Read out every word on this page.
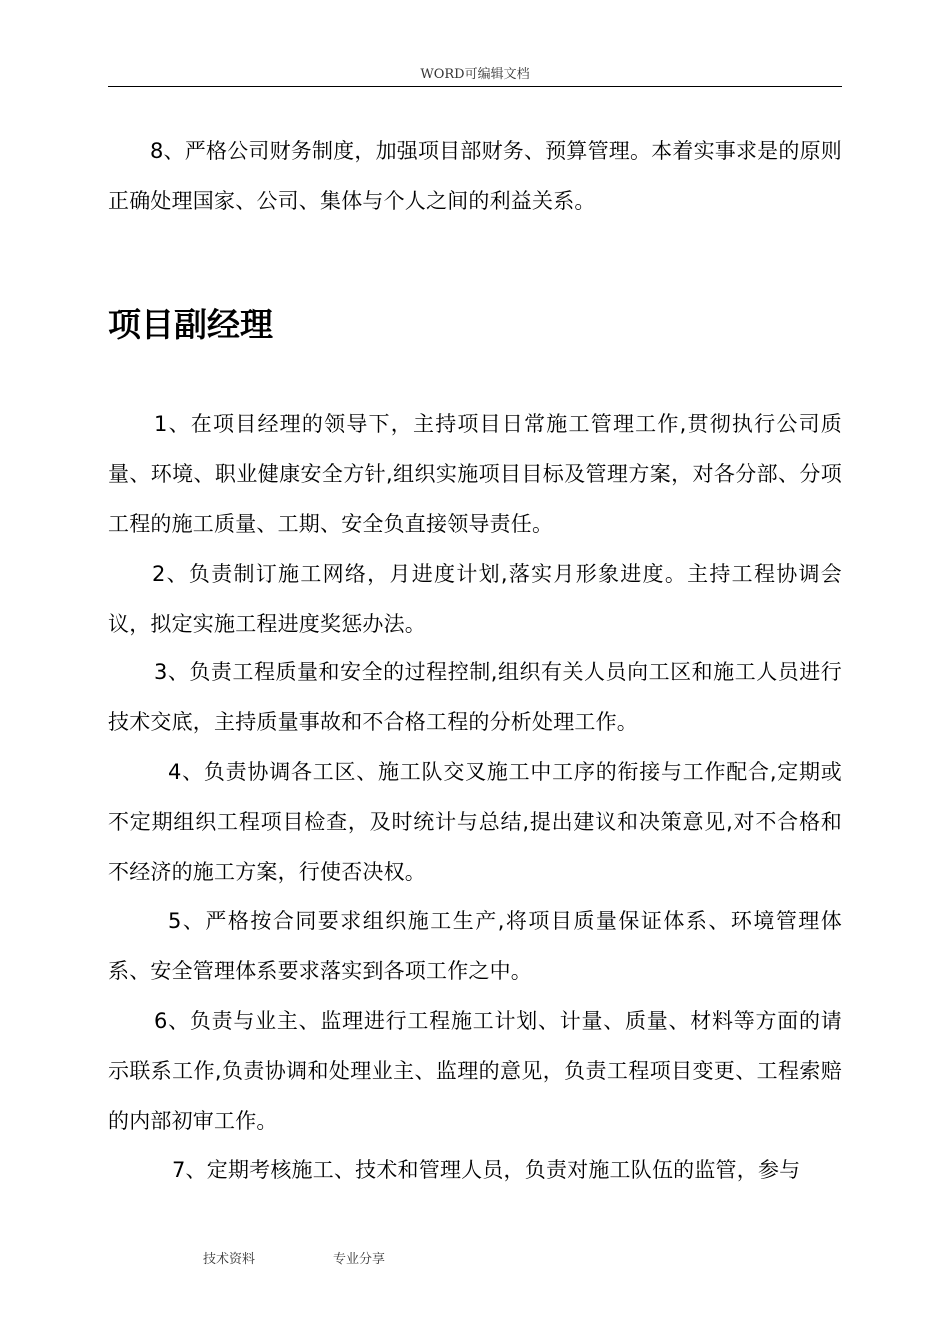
WORD可编辑文档

8、严格公司财务制度，加强项目部财务、预算管理。本着实事求是的原则正确处理国家、公司、集体与个人之间的利益关系。

项目副经理

1、在项目经理的领导下，主持项目日常施工管理工作,贯彻执行公司质量、环境、职业健康安全方针,组织实施项目目标及管理方案，对各分部、分项工程的施工质量、工期、安全负直接领导责任。

2、负责制订施工网络，月进度计划,落实月形象进度。主持工程协调会议，拟定实施工程进度奖惩办法。

3、负责工程质量和安全的过程控制,组织有关人员向工区和施工人员进行技术交底，主持质量事故和不合格工程的分析处理工作。

4、负责协调各工区、施工队交叉施工中工序的衔接与工作配合,定期或不定期组织工程项目检查，及时统计与总结,提出建议和决策意见,对不合格和不经济的施工方案，行使否决权。

5、严格按合同要求组织施工生产,将项目质量保证体系、环境管理体系、安全管理体系要求落实到各项工作之中。

6、负责与业主、监理进行工程施工计划、计量、质量、材料等方面的请示联系工作,负责协调和处理业主、监理的意见，负责工程项目变更、工程索赔的内部初审工作。

7、定期考核施工、技术和管理人员，负责对施工队伍的监管，参与

技术资料	专业分享
